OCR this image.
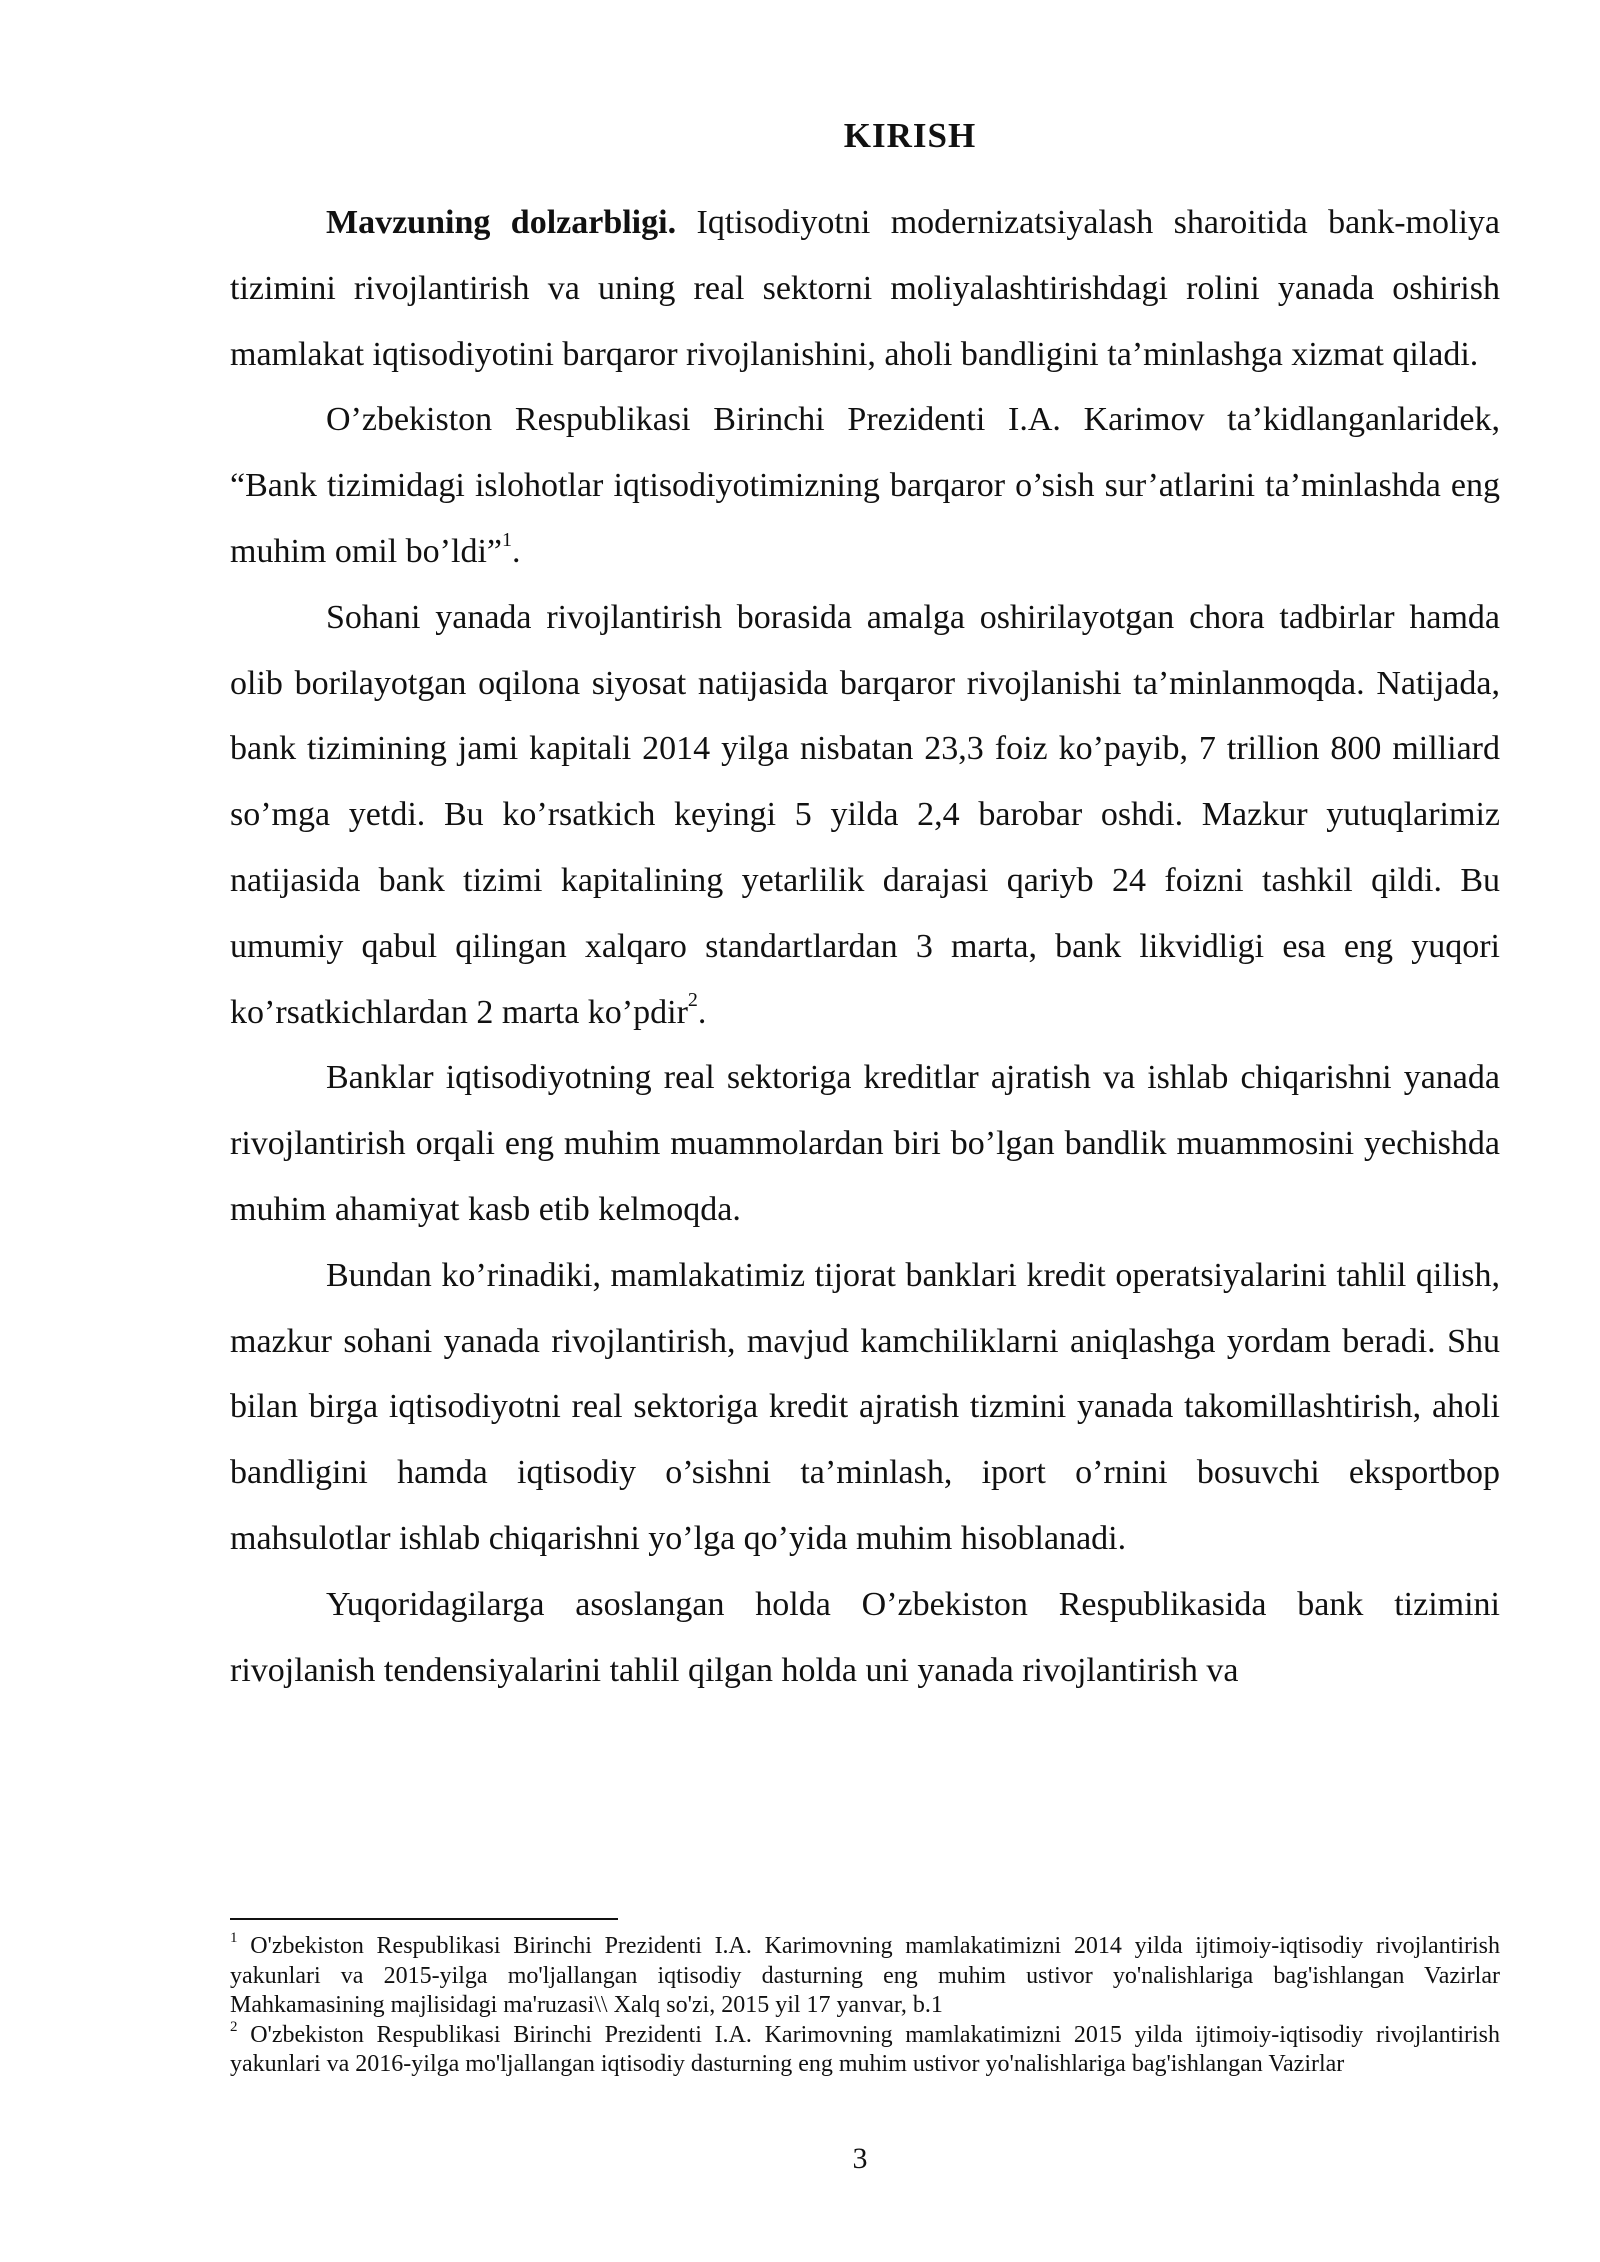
KIRISH

Mavzuning dolzarbligi. Iqtisodiyotni modernizatsiyalash sharoitida bank-moliya tizimini rivojlantirish va uning real sektorni moliyalashtirishdagi rolini yanada oshirish mamlakat iqtisodiyotini barqaror rivojlanishini, aholi bandligini ta’minlashga xizmat qiladi.

O’zbekiston Respublikasi Birinchi Prezidenti I.A. Karimov ta’kidlanganlaridek, “Bank tizimidagi islohotlar iqtisodiyotimizning barqaror o’sish sur’atlarini ta’minlashda eng muhim omil bo’ldi”$^1$.

Sohani yanada rivojlantirish borasida amalga oshirilayotgan chora tadbirlar hamda olib borilayotgan oqilona siyosat natijasida barqaror rivojlanishi ta’minlanmoqda. Natijada, bank tizimining jami kapitali 2014 yilga nisbatan 23,3 foiz ko’payib, 7 trillion 800 milliard so’mga yetdi. Bu ko’rsatkich keyingi 5 yilda 2,4 barobar oshdi. Mazkur yutuqlarimiz natijasida bank tizimi kapitalining yetarlilik darajasi qariyb 24 foizni tashkil qildi. Bu umumiy qabul qilingan xalqaro standartlardan 3 marta, bank likvidligi esa eng yuqori ko’rsatkichlardan 2 marta ko’pdir$^2$.

Banklar iqtisodiyotning real sektoriga kreditlar ajratish va ishlab chiqarishni yanada rivojlantirish orqali eng muhim muammolardan biri bo’lgan bandlik muammosini yechishda muhim ahamiyat kasb etib kelmoqda.

Bundan ko’rinadiki, mamlakatimiz tijorat banklari kredit operatsiyalarini tahlil qilish, mazkur sohani yanada rivojlantirish, mavjud kamchiliklarni aniqlashga yordam beradi. Shu bilan birga iqtisodiyotni real sektoriga kredit ajratish tizmini yanada takomillashtirish, aholi bandligini hamda iqtisodiy o’sishni ta’minlash, iport o’rnini bosuvchi eksportbop mahsulotlar ishlab chiqarishni yo’lga qo’yida muhim hisoblanadi.

Yuqoridagilarga asoslangan holda O’zbekiston Respublikasida bank tizimini rivojlanish tendensiyalarini tahlil qilgan holda uni yanada rivojlantirish va

$^1$ O'zbekiston Respublikasi Birinchi Prezidenti I.A. Karimovning mamlakatimizni 2014 yilda ijtimoiy-iqtisodiy rivojlantirish yakunlari va 2015-yilga mo'ljallangan iqtisodiy dasturning eng muhim ustivor yo'nalishlariga bag'ishlangan Vazirlar Mahkamasining majlisidagi ma'ruzasi\\ Xalq so'zi, 2015 yil 17 yanvar, b.1

$^2$ O'zbekiston Respublikasi Birinchi Prezidenti I.A. Karimovning mamlakatimizni 2015 yilda ijtimoiy-iqtisodiy rivojlantirish yakunlari va 2016-yilga mo'ljallangan iqtisodiy dasturning eng muhim ustivor yo'nalishlariga bag'ishlangan Vazirlar

3
